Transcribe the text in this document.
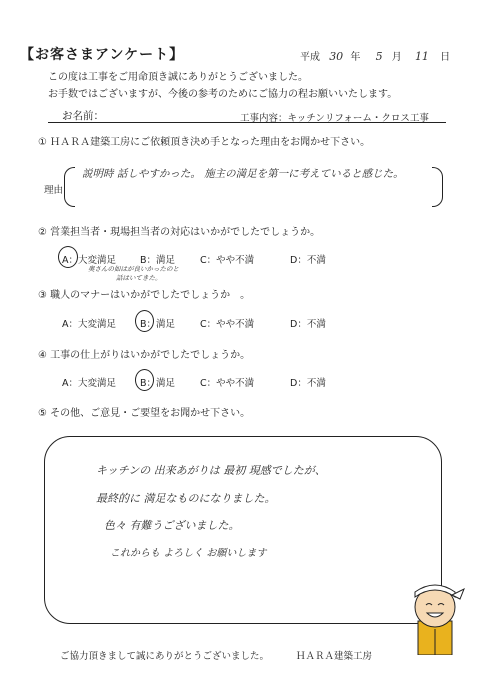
【お客さまアンケート】	平成 30 年 5 月 11 日
この度は工事をご用命頂き誠にありがとうございました。
お手数ではございますが、今後の参考のためにご協力の程お願いいたします。
お名前：	工事内容：キッチンリフォーム・クロス工事
① ＨＡＲＡ建築工房にご依頼頂き決め手となった理由をお聞かせ下さい。
理由
説明時 話しやすかった。 施主の満足を第一に考えていると感じた。
② 営業担当者・現場担当者の対応はいかがでしたでしょうか。
A：大変満足	B：満足	C：やや不満	D：不満
奥さんの如はが良いかったのと
話はいてきた。
③ 職人のマナーはいかがでしたでしょうか　。
A：大変満足	B：満足	C：やや不満	D：不満
④ 工事の仕上がりはいかがでしたでしょうか。
A：大変満足	B：満足	C：やや不満	D：不満
⑤ その他、ご意見・ご要望をお聞かせ下さい。
キッチンの 出来あがりは 最初 現感でしたが、
最終的に 満足なものになりました。
色々 有難うございました。
これからも よろしく お願いします
ご協力頂きまして誠にありがとうございました。	ＨＡＲＡ建築工房
